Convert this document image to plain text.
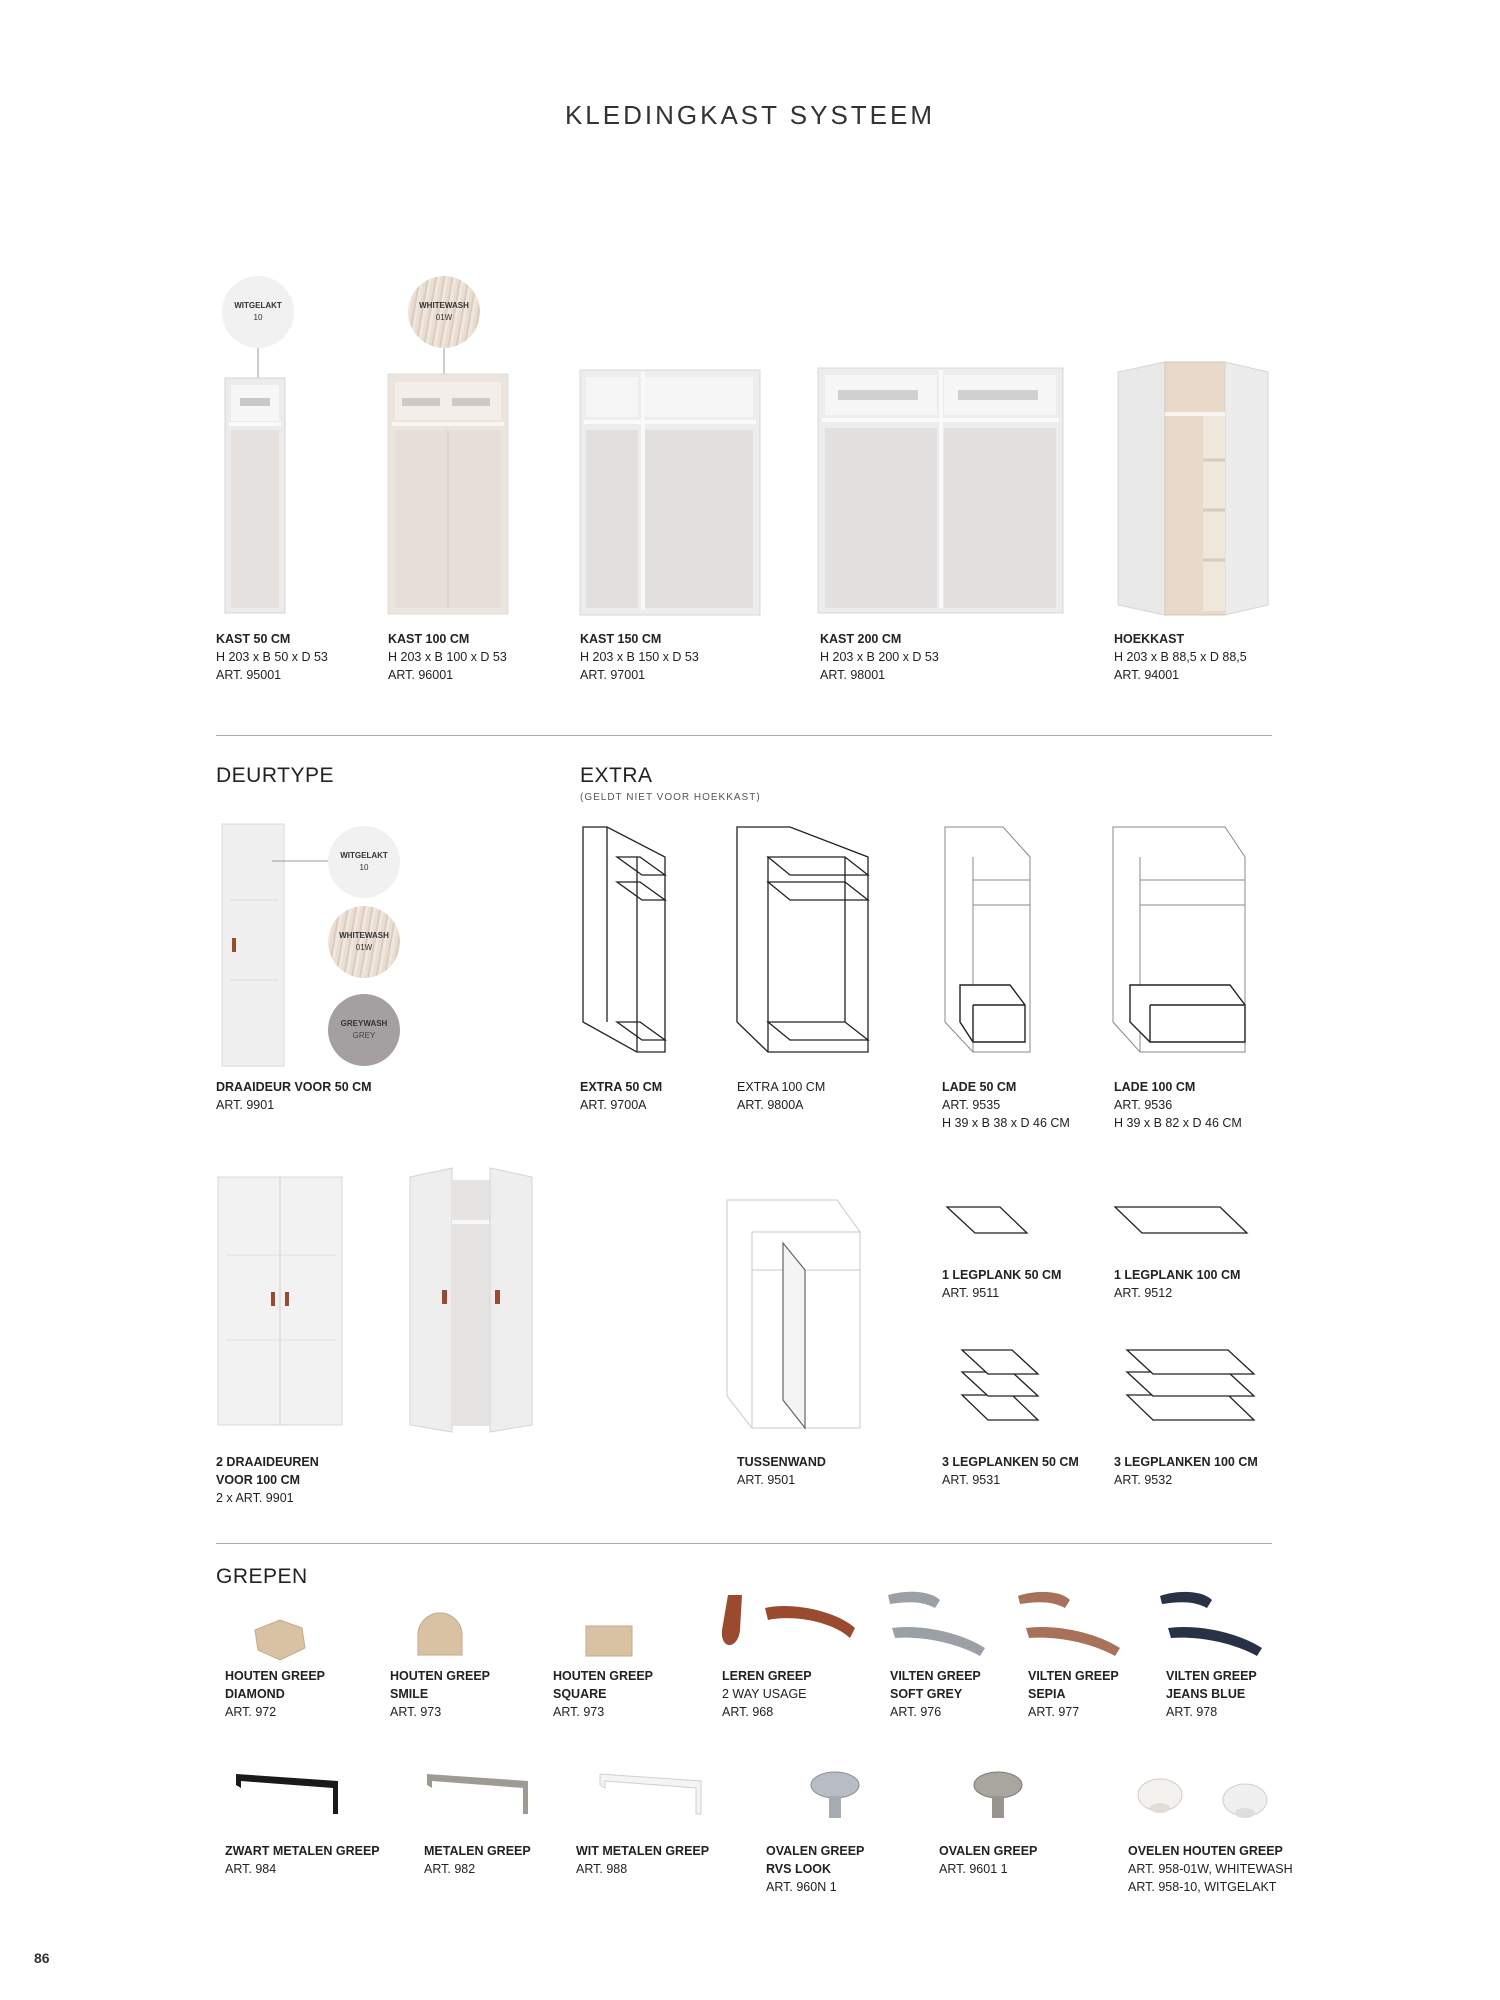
KLEDINGKAST SYSTEEM
WITGELAKT
10
WHITEWASH
01W
KAST 50 CM
H 203 x B 50 x D 53
ART. 95001
KAST 100 CM
H 203 x B 100 x D 53
ART. 96001
KAST 150 CM
H 203 x B 150 x D 53
ART. 97001
KAST 200 CM
H 203 x B 200 x D 53
ART. 98001
HOEKKAST
H 203 x B 88,5 x D 88,5
ART. 94001
DEURTYPE	EXTRA
(GELDT NIET VOOR HOEKKAST)
WITGELAKT
10
WHITEWASH
01W
GREYWASH
GREY
DRAAIDEUR VOOR 50 CM
ART. 9901
2 DRAAIDEUREN
VOOR 100 CM
2 x ART. 9901
EXTRA 50 CM
ART. 9700A
EXTRA 100 CM
ART. 9800A
LADE 50 CM
ART. 9535
H 39 x B 38 x D 46 CM
LADE 100 CM
ART. 9536
H 39 x B 82 x D 46 CM
TUSSENWAND
ART. 9501
1 LEGPLANK 50 CM
ART. 9511
1 LEGPLANK 100 CM
ART. 9512
3 LEGPLANKEN 50 CM
ART. 9531
3 LEGPLANKEN 100 CM
ART. 9532
GREPEN
HOUTEN GREEP
DIAMOND
ART. 972
HOUTEN GREEP
SMILE
ART. 973
HOUTEN GREEP
SQUARE
ART. 973
LEREN GREEP
2 WAY USAGE
ART. 968
VILTEN GREEP
SOFT GREY
ART. 976
VILTEN GREEP
SEPIA
ART. 977
VILTEN GREEP
JEANS BLUE
ART. 978
ZWART METALEN GREEP
ART. 984
METALEN GREEP
ART. 982
WIT METALEN GREEP
ART. 988
OVALEN GREEP
RVS LOOK
ART. 960N 1
OVALEN GREEP
ART. 9601 1
OVELEN HOUTEN GREEP
ART. 958-01W, WHITEWASH
ART. 958-10, WITGELAKT
86
